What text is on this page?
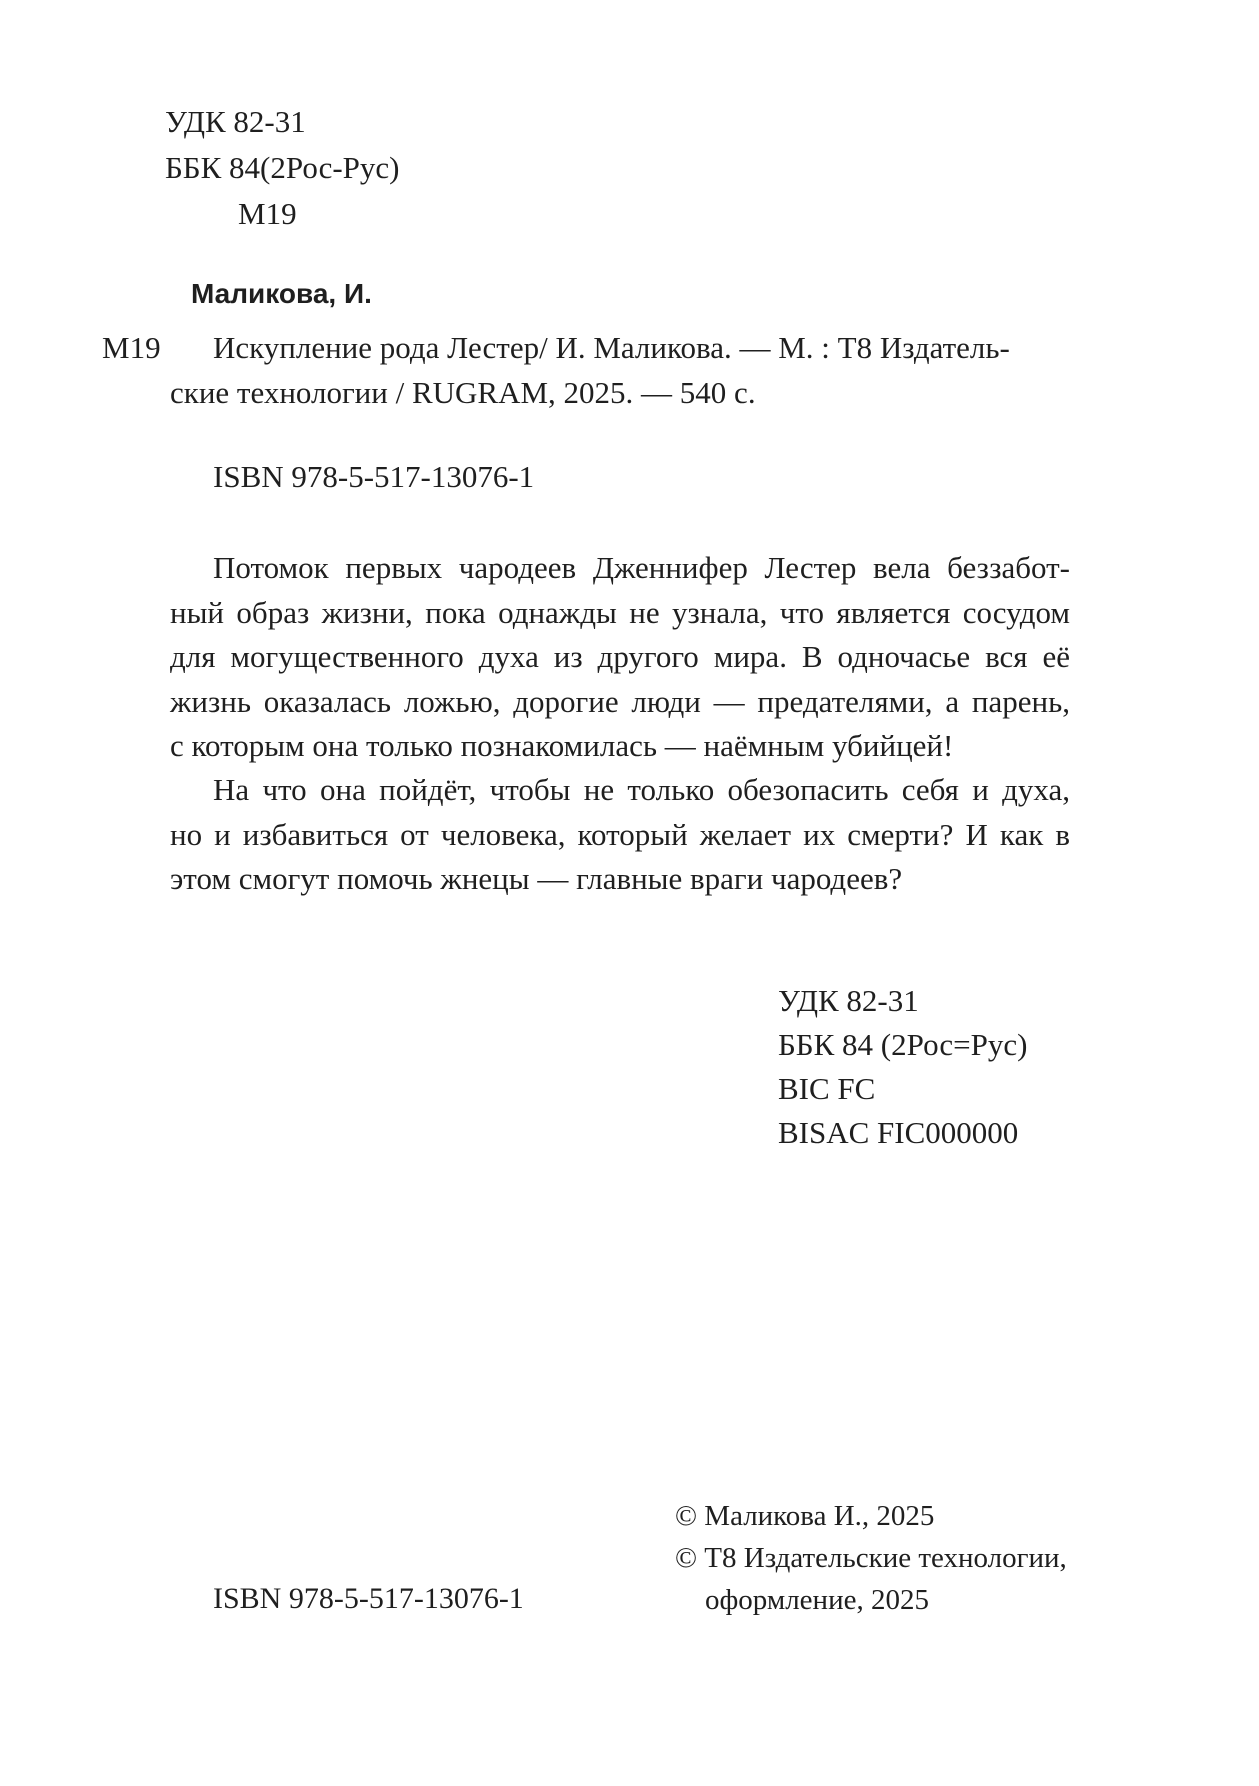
УДК 82-31
ББК 84(2Рос-Рус)
М19
Маликова, И.
М19 Искупление рода Лестер/ И. Маликова. — М. : Т8 Издатель-
ские технологии / RUGRAM, 2025. — 540 с.
ISBN 978-5-517-13076-1
Потомок первых чародеев Дженнифер Лестер вела беззабот-
ный образ жизни, пока однажды не узнала, что является сосудом
для могущественного духа из другого мира. В одночасье вся её
жизнь оказалась ложью, дорогие люди — предателями, а парень,
с которым она только познакомилась — наёмным убийцей!
На что она пойдёт, чтобы не только обезопасить себя и духа,
но и избавиться от человека, который желает их смерти? И как в
этом смогут помочь жнецы — главные враги чародеев?
УДК 82-31
ББК 84 (2Рос=Рус)
BIC FC
BISAC FIC000000
© Маликова И., 2025
© Т8 Издательские технологии,
оформление, 2025
ISBN 978-5-517-13076-1
